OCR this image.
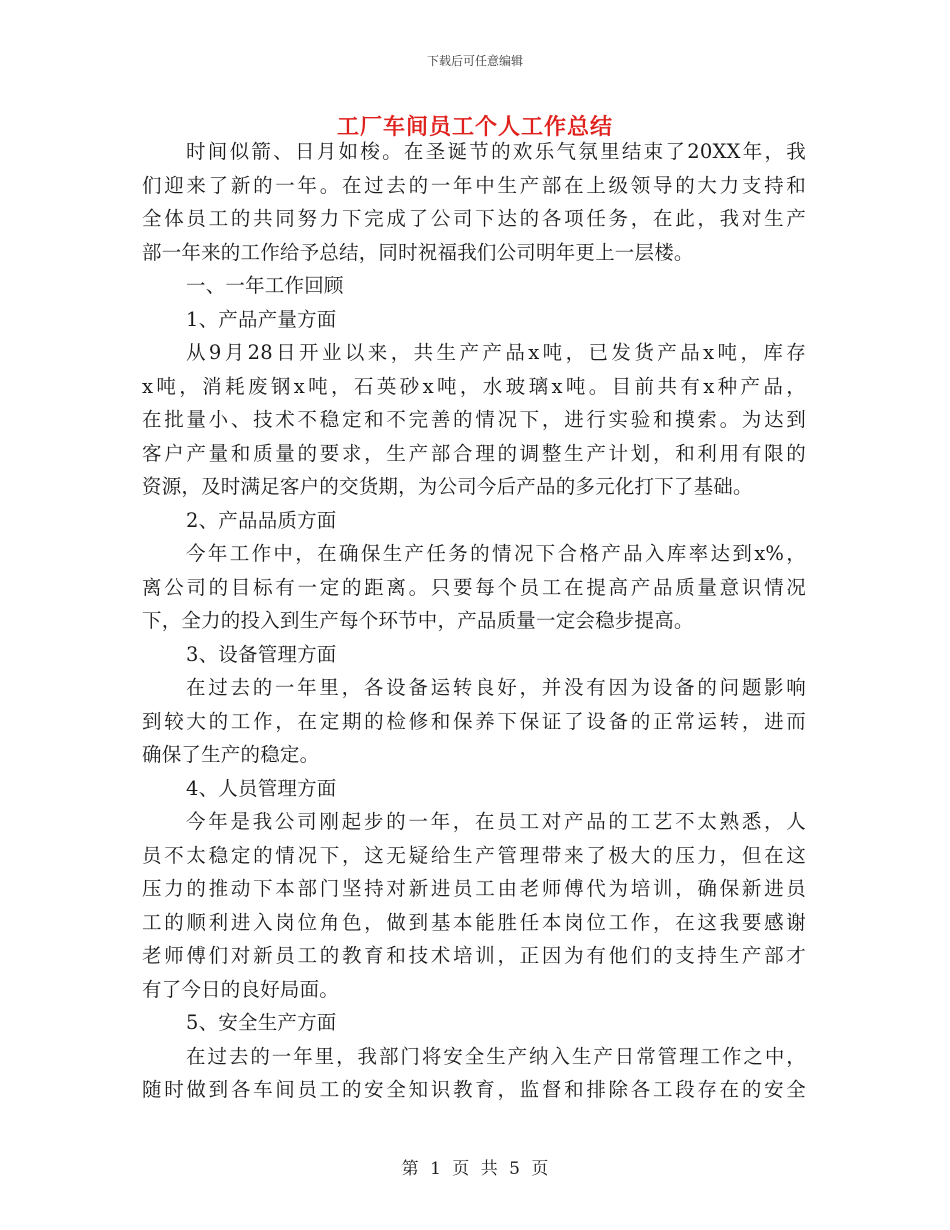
下载后可任意编辑
工厂车间员工个人工作总结
时间似箭、日月如梭。在圣诞节的欢乐气氛里结束了20XX年，我
们迎来了新的一年。在过去的一年中生产部在上级领导的大力支持和
全体员工的共同努力下完成了公司下达的各项任务，在此，我对生产
部一年来的工作给予总结，同时祝福我们公司明年更上一层楼。
一、一年工作回顾
1、产品产量方面
从9月28日开业以来，共生产产品x吨，已发货产品x吨，库存
x吨，消耗废钢x吨，石英砂x吨，水玻璃x吨。目前共有x种产品，
在批量小、技术不稳定和不完善的情况下，进行实验和摸索。为达到
客户产量和质量的要求，生产部合理的调整生产计划，和利用有限的
资源，及时满足客户的交货期，为公司今后产品的多元化打下了基础。
2、产品品质方面
今年工作中，在确保生产任务的情况下合格产品入库率达到x%，
离公司的目标有一定的距离。只要每个员工在提高产品质量意识情况
下，全力的投入到生产每个环节中，产品质量一定会稳步提高。
3、设备管理方面
在过去的一年里，各设备运转良好，并没有因为设备的问题影响
到较大的工作，在定期的检修和保养下保证了设备的正常运转，进而
确保了生产的稳定。
4、人员管理方面
今年是我公司刚起步的一年，在员工对产品的工艺不太熟悉，人
员不太稳定的情况下，这无疑给生产管理带来了极大的压力，但在这
压力的推动下本部门坚持对新进员工由老师傅代为培训，确保新进员
工的顺利进入岗位角色，做到基本能胜任本岗位工作，在这我要感谢
老师傅们对新员工的教育和技术培训，正因为有他们的支持生产部才
有了今日的良好局面。
5、安全生产方面
在过去的一年里，我部门将安全生产纳入生产日常管理工作之中，
随时做到各车间员工的安全知识教育，监督和排除各工段存在的安全
第 1 页 共 5 页
